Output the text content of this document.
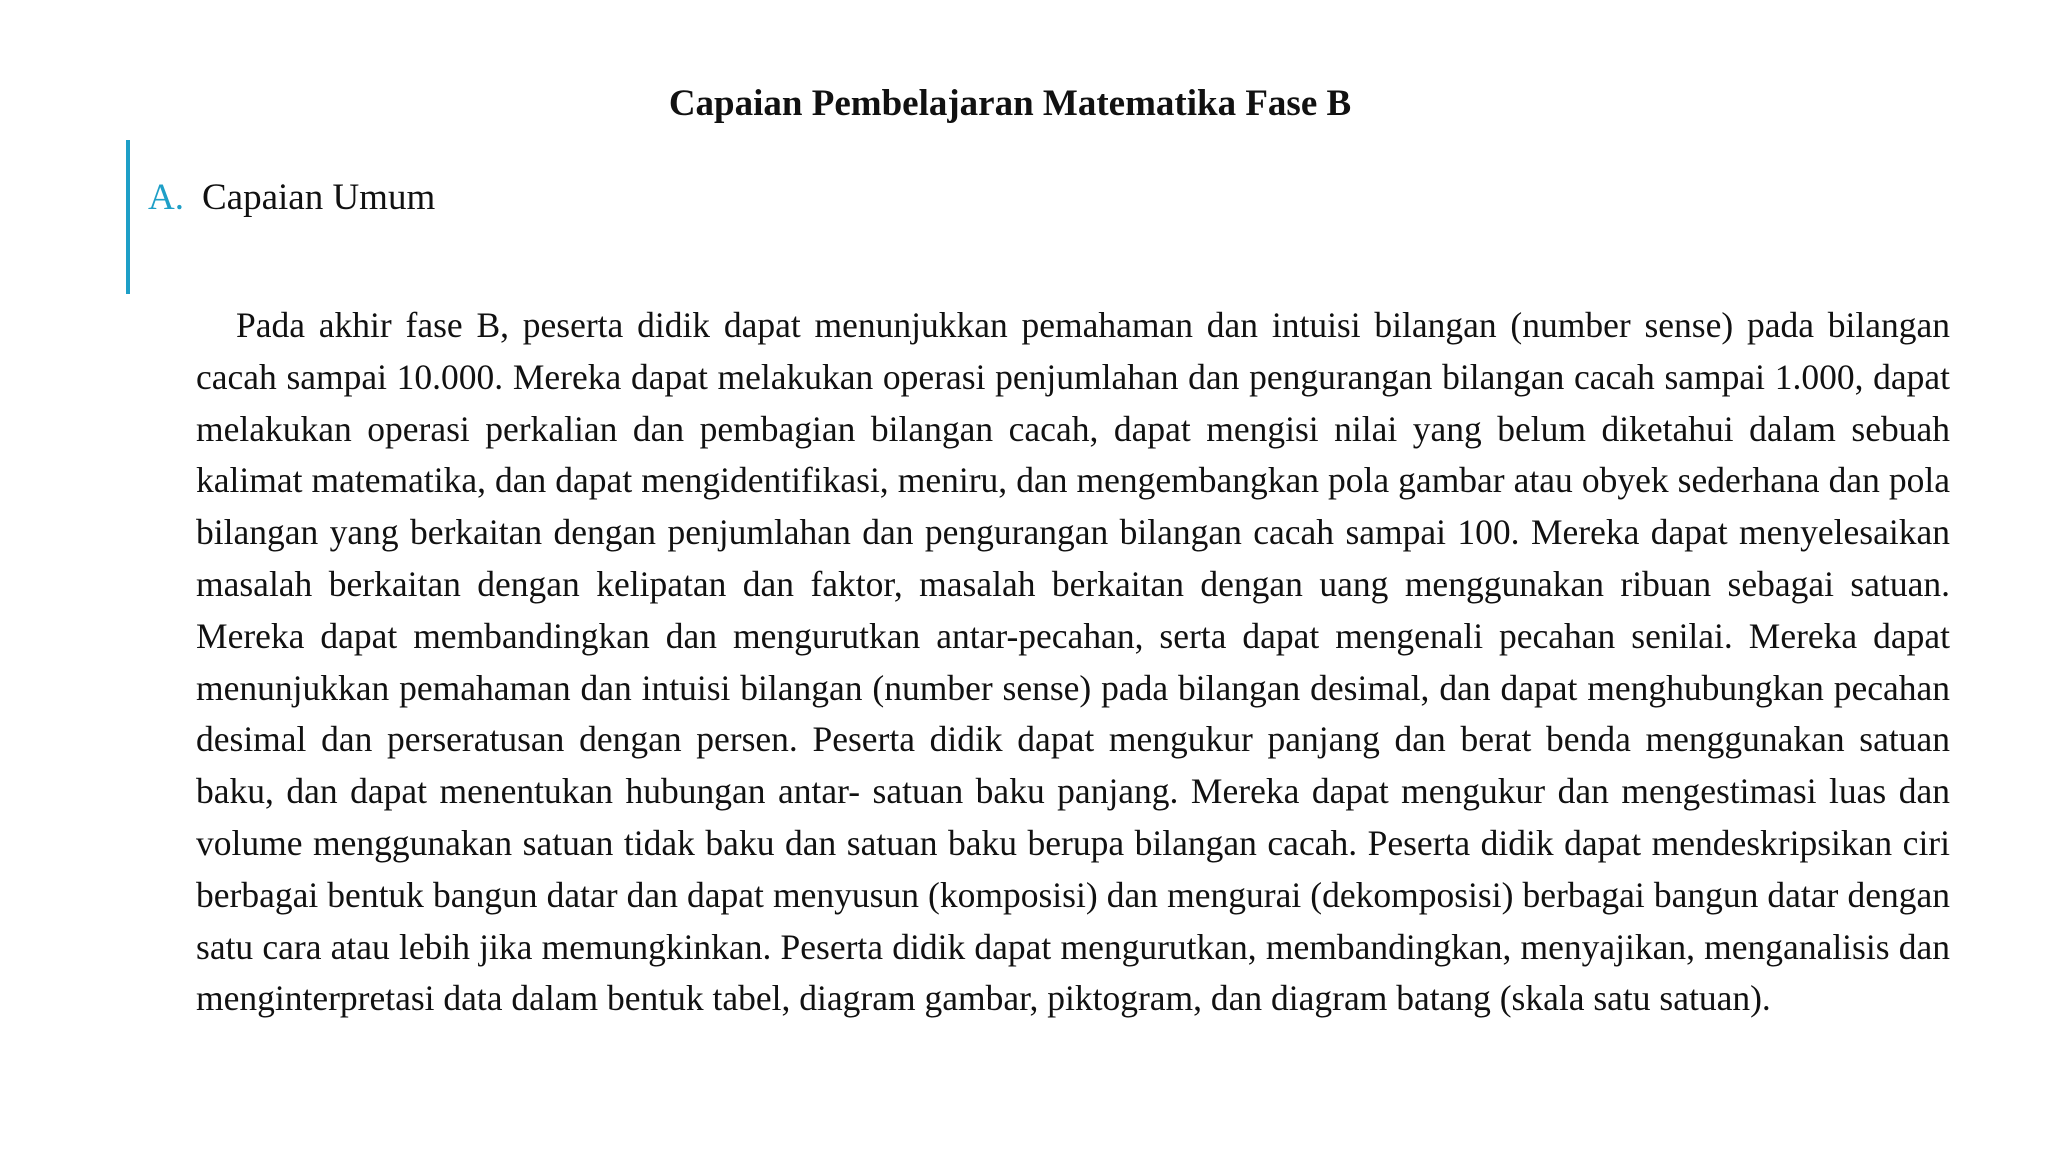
Capaian Pembelajaran Matematika Fase B
A. Capaian Umum

Pada akhir fase B, peserta didik dapat menunjukkan pemahaman dan intuisi bilangan (number sense) pada bilangan cacah sampai 10.000. Mereka dapat melakukan operasi penjumlahan dan pengurangan bilangan cacah sampai 1.000, dapat melakukan operasi perkalian dan pembagian bilangan cacah, dapat mengisi nilai yang belum diketahui dalam sebuah kalimat matematika, dan dapat mengidentifikasi, meniru, dan mengembangkan pola gambar atau obyek sederhana dan pola bilangan yang berkaitan dengan penjumlahan dan pengurangan bilangan cacah sampai 100. Mereka dapat menyelesaikan masalah berkaitan dengan kelipatan dan faktor, masalah berkaitan dengan uang menggunakan ribuan sebagai satuan. Mereka dapat membandingkan dan mengurutkan antar-pecahan, serta dapat mengenali pecahan senilai. Mereka dapat menunjukkan pemahaman dan intuisi bilangan (number sense) pada bilangan desimal, dan dapat menghubungkan pecahan desimal dan perseratusan dengan persen. Peserta didik dapat mengukur panjang dan berat benda menggunakan satuan baku, dan dapat menentukan hubungan antar- satuan baku panjang. Mereka dapat mengukur dan mengestimasi luas dan volume menggunakan satuan tidak baku dan satuan baku berupa bilangan cacah. Peserta didik dapat mendeskripsikan ciri berbagai bentuk bangun datar dan dapat menyusun (komposisi) dan mengurai (dekomposisi) berbagai bangun datar dengan satu cara atau lebih jika memungkinkan. Peserta didik dapat mengurutkan, membandingkan, menyajikan, menganalisis dan menginterpretasi data dalam bentuk tabel, diagram gambar, piktogram, dan diagram batang (skala satu satuan).
